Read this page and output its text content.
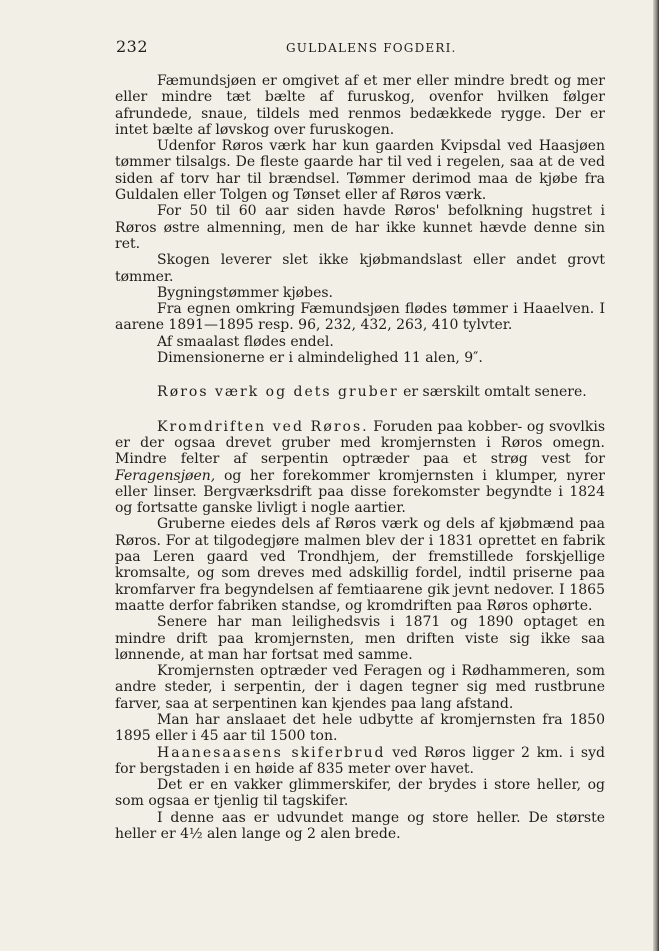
232	GULDALENS FOGDERI.

Fæmundsjøen er omgivet af et mer eller mindre bredt og mer eller mindre tæt bælte af furuskog, ovenfor hvilken følger afrundede, snaue, tildels med renmos bedækkede rygge. Der er intet bælte af løvskog over furuskogen.

Udenfor Røros værk har kun gaarden Kvipsdal ved Haasjøen tømmer tilsalgs. De fleste gaarde har til ved i regelen, saa at de ved siden af torv har til brændsel. Tømmer derimod maa de kjøbe fra Guldalen eller Tolgen og Tønset eller af Røros værk.

For 50 til 60 aar siden havde Røros' befolkning hugstret i Røros østre almenning, men de har ikke kunnet hævde denne sin ret.

Skogen leverer slet ikke kjøbmandslast eller andet grovt tømmer.

Bygningstømmer kjøbes.

Fra egnen omkring Fæmundsjøen flødes tømmer i Haaelven. I aarene 1891—1895 resp. 96, 232, 432, 263, 410 tylvter.

Af smaalast flødes endel.

Dimensionerne er i almindelighed 11 alen, 9″.

Røros værk og dets gruber er særskilt omtalt senere.

Kromdriften ved Røros. Foruden paa kobber- og svovlkis er der ogsaa drevet gruber med kromjernsten i Røros omegn. Mindre felter af serpentin optræder paa et strøg vest for Feragensjøen, og her forekommer kromjernsten i klumper, nyrer eller linser. Bergværksdrift paa disse forekomster begyndte i 1824 og fortsatte ganske livligt i nogle aartier.

Gruberne eiedes dels af Røros værk og dels af kjøbmænd paa Røros. For at tilgodegjøre malmen blev der i 1831 oprettet en fabrik paa Leren gaard ved Trondhjem, der fremstillede forskjellige kromsalte, og som dreves med adskillig fordel, indtil priserne paa kromfarver fra begyndelsen af femtiaarene gik jevnt nedover. I 1865 maatte derfor fabriken standse, og kromdriften paa Røros ophørte.

Senere har man leilighedsvis i 1871 og 1890 optaget en mindre drift paa kromjernsten, men driften viste sig ikke saa lønnende, at man har fortsat med samme.

Kromjernsten optræder ved Feragen og i Rødhammeren, som andre steder, i serpentin, der i dagen tegner sig med rustbrune farver, saa at serpentinen kan kjendes paa lang afstand.

Man har anslaaet det hele udbytte af kromjernsten fra 1850 1895 eller i 45 aar til 1500 ton.

Haanesaasens skiferbrud ved Røros ligger 2 km. i syd for bergstaden i en høide af 835 meter over havet.

Det er en vakker glimmerskifer, der brydes i store heller, og som ogsaa er tjenlig til tagskifer.

I denne aas er udvundet mange og store heller. De største heller er 4½ alen lange og 2 alen brede.
